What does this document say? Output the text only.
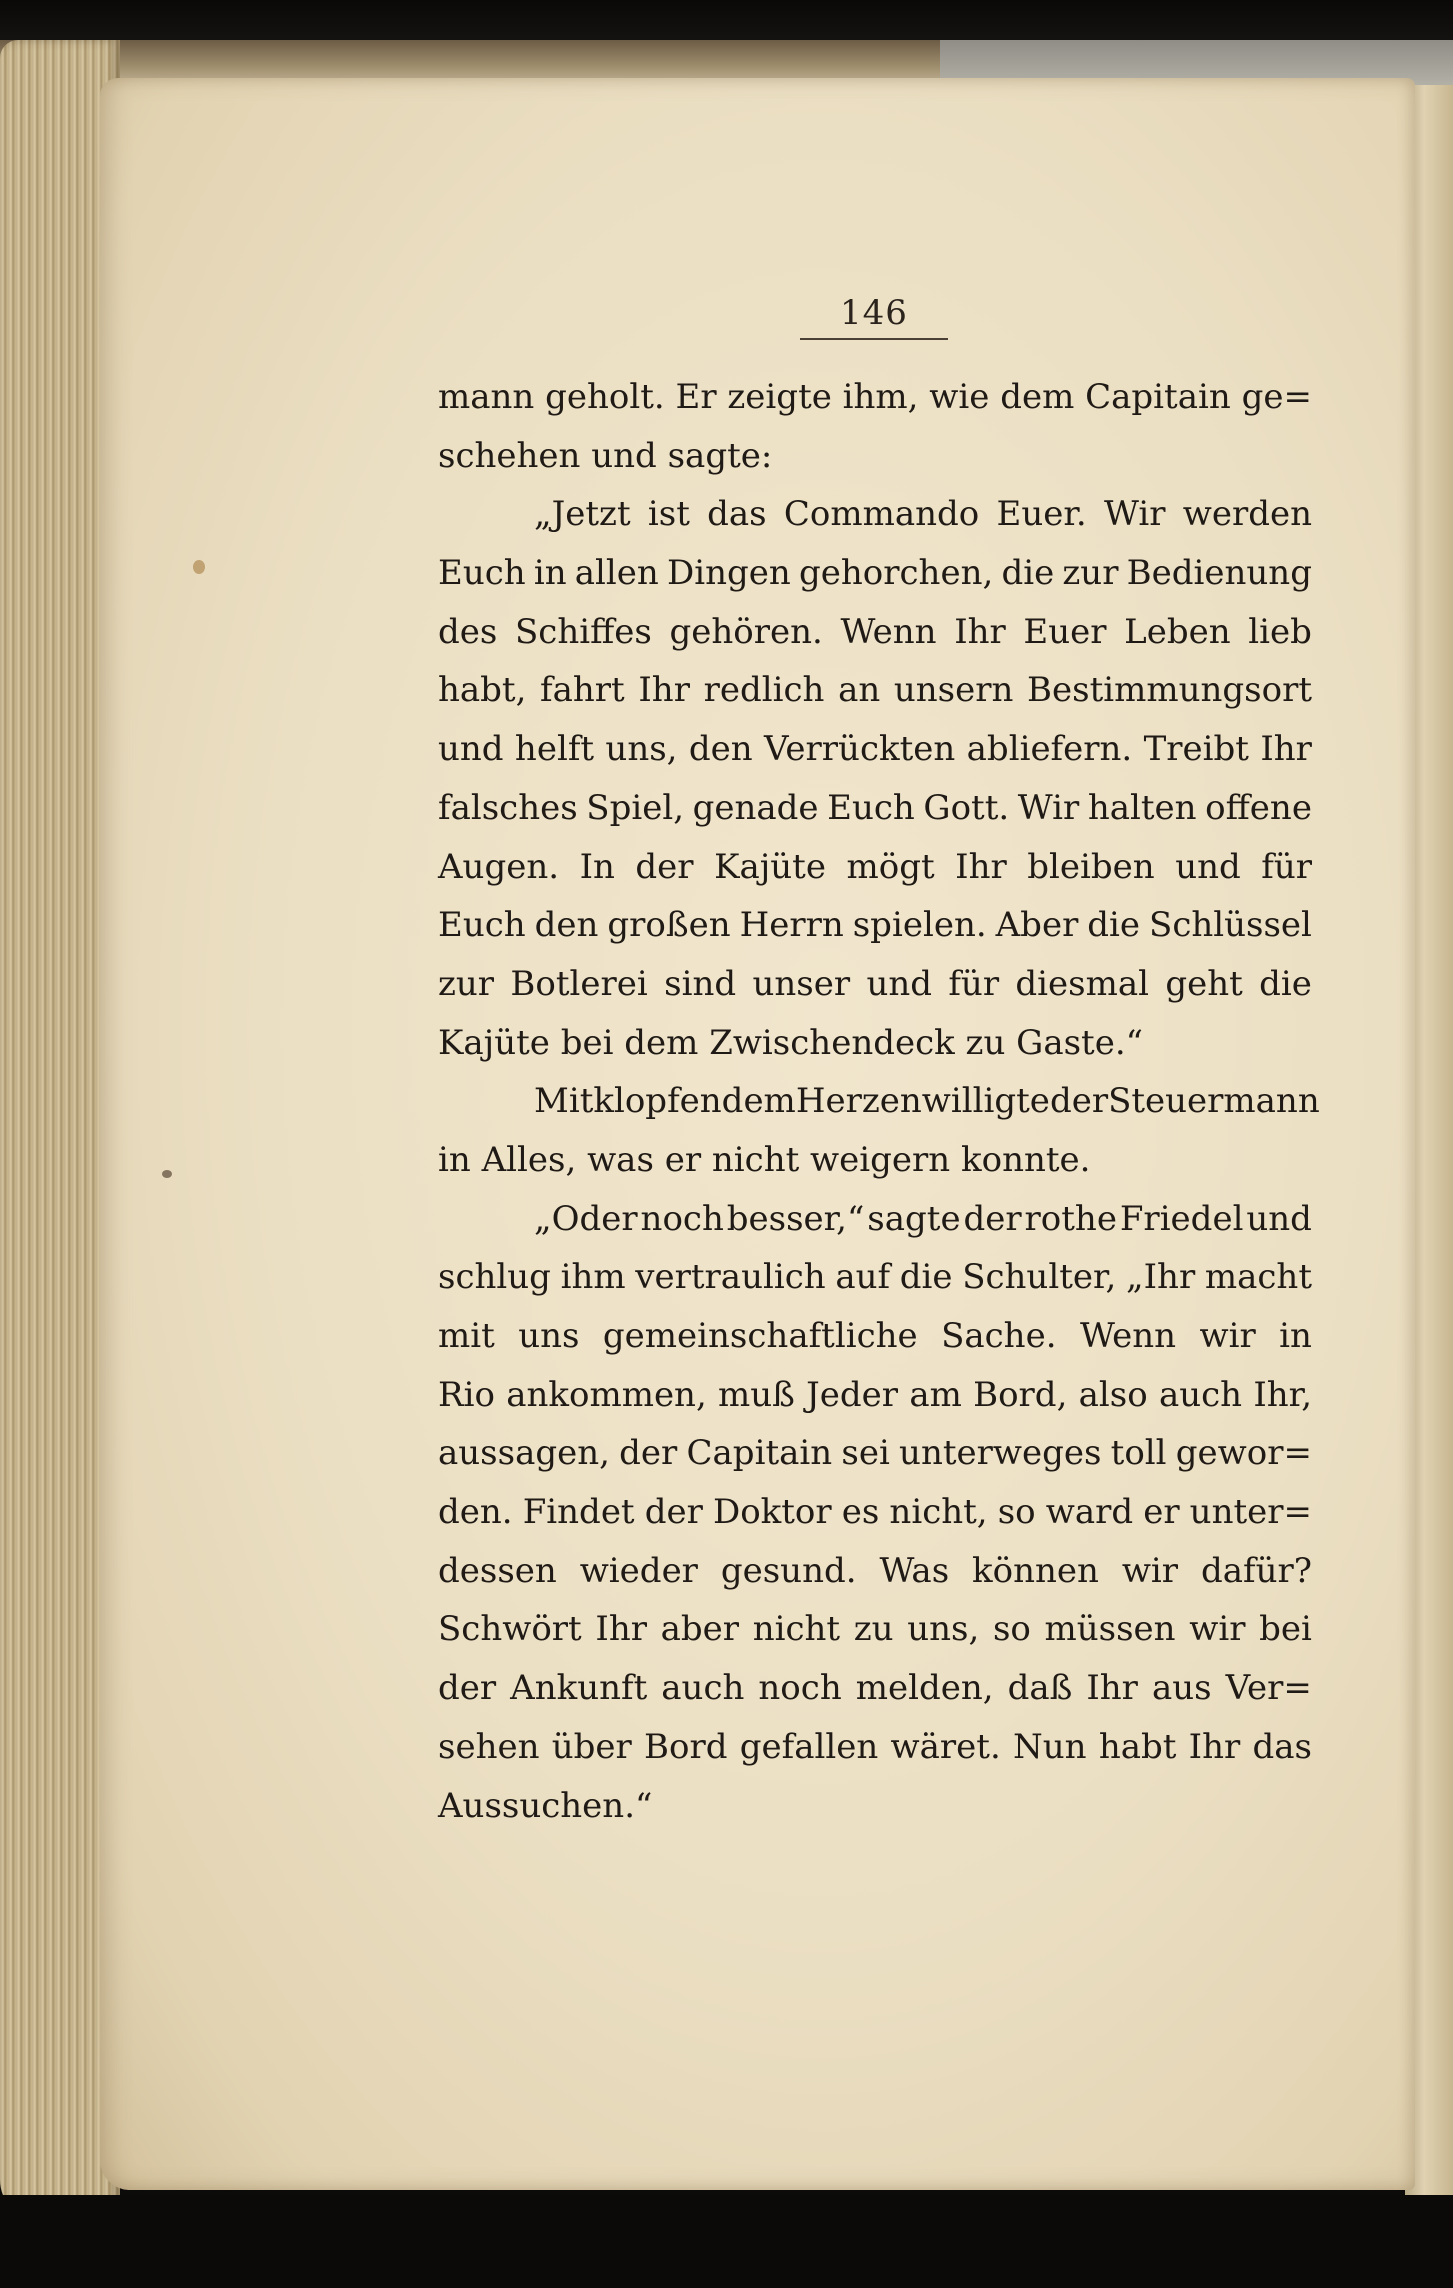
146
mann geholt. Er zeigte ihm, wie dem Capitain ge=
schehen und sagte:
„Jetzt ist das Commando Euer. Wir werden
Euch in allen Dingen gehorchen, die zur Bedienung
des Schiffes gehören. Wenn Ihr Euer Leben lieb
habt, fahrt Ihr redlich an unsern Bestimmungsort
und helft uns, den Verrückten abliefern. Treibt Ihr
falsches Spiel, genade Euch Gott. Wir halten offene
Augen. In der Kajüte mögt Ihr bleiben und für
Euch den großen Herrn spielen. Aber die Schlüssel
zur Botlerei sind unser und für diesmal geht die
Kajüte bei dem Zwischendeck zu Gaste.“
Mit klopfendem Herzen willigte der Steuermann
in Alles, was er nicht weigern konnte.
„Oder noch besser,“ sagte der rothe Friedel und
schlug ihm vertraulich auf die Schulter, „Ihr macht
mit uns gemeinschaftliche Sache. Wenn wir in
Rio ankommen, muß Jeder am Bord, also auch Ihr,
aussagen, der Capitain sei unterweges toll gewor=
den. Findet der Doktor es nicht, so ward er unter=
dessen wieder gesund. Was können wir dafür?
Schwört Ihr aber nicht zu uns, so müssen wir bei
der Ankunft auch noch melden, daß Ihr aus Ver=
sehen über Bord gefallen wäret. Nun habt Ihr das
Aussuchen.“
